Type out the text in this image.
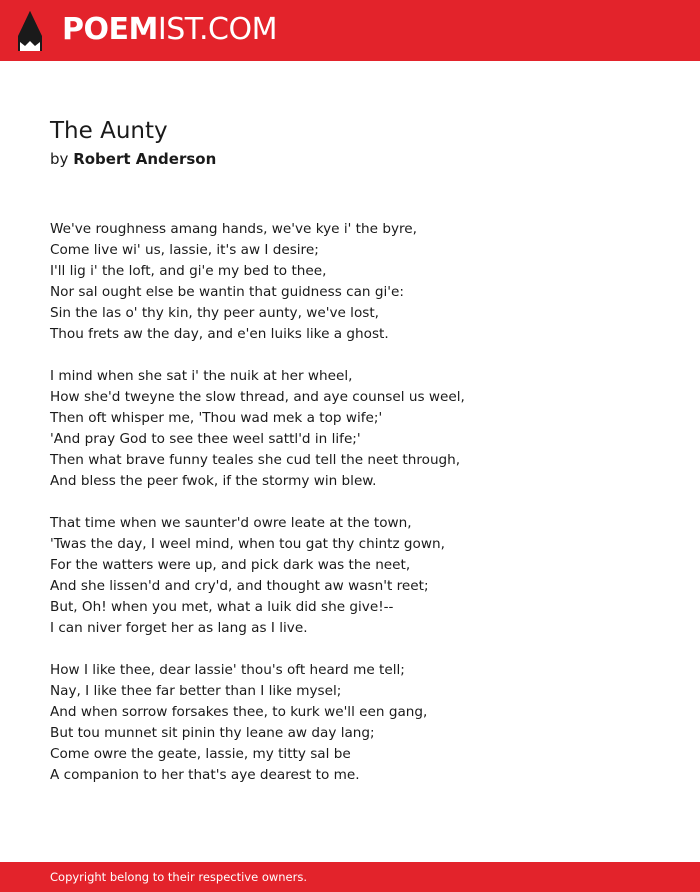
POEMIST.COM
The Aunty
by Robert Anderson
We've roughness amang hands, we've kye i' the byre,
Come live wi' us, lassie, it's aw I desire;
I'll lig i' the loft, and gi'e my bed to thee,
Nor sal ought else be wantin that guidness can gi'e:
Sin the las o' thy kin, thy peer aunty, we've lost,
Thou frets aw the day, and e'en luiks like a ghost.
I mind when she sat i' the nuik at her wheel,
How she'd tweyne the slow thread, and aye counsel us weel,
Then oft whisper me, 'Thou wad mek a top wife;'
'And pray God to see thee weel sattl'd in life;'
Then what brave funny teales she cud tell the neet through,
And bless the peer fwok, if the stormy win blew.
That time when we saunter'd owre leate at the town,
'Twas the day, I weel mind, when tou gat thy chintz gown,
For the watters were up, and pick dark was the neet,
And she lissen'd and cry'd, and thought aw wasn't reet;
But, Oh! when you met, what a luik did she give!--
I can niver forget her as lang as I live.
How I like thee, dear lassie' thou's oft heard me tell;
Nay, I like thee far better than I like mysel;
And when sorrow forsakes thee, to kurk we'll een gang,
But tou munnet sit pinin thy leane aw day lang;
Come owre the geate, lassie, my titty sal be
A companion to her that's aye dearest to me.
Copyright belong to their respective owners.
